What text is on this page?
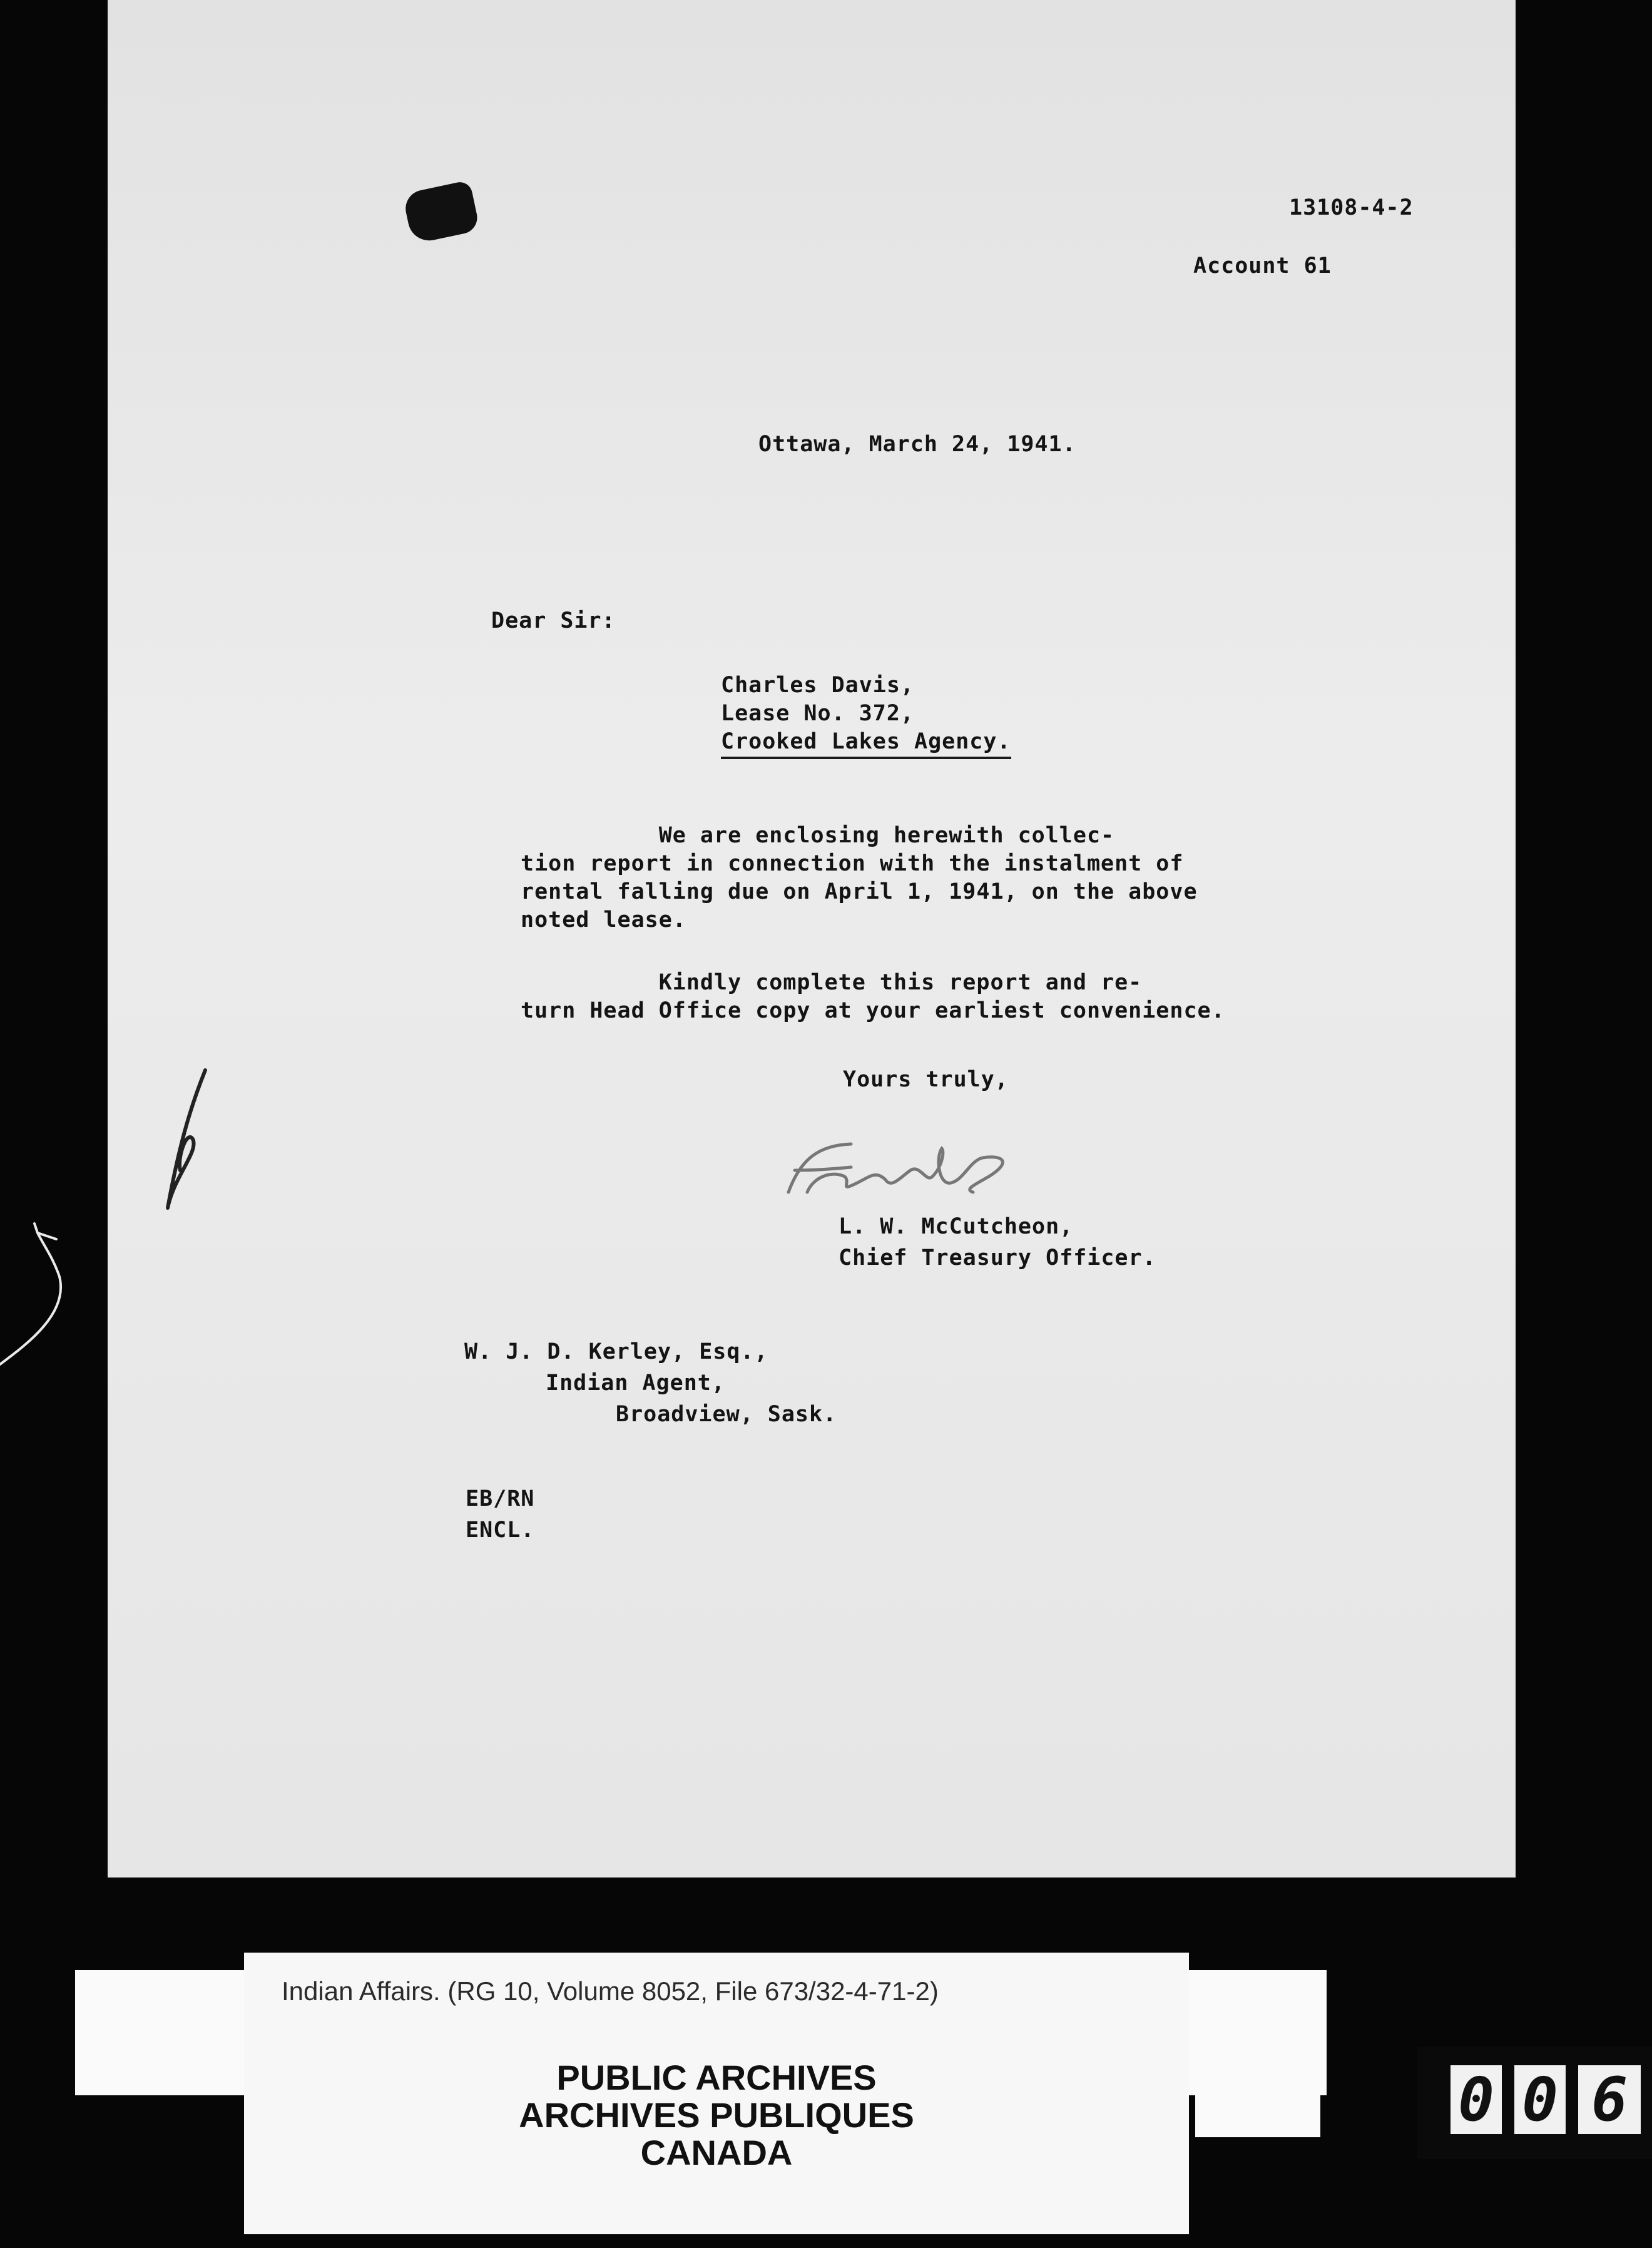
13108-4-2
Account 61
Ottawa, March 24, 1941.
Dear Sir:
Charles Davis,
Lease No. 372,
Crooked Lakes Agency.
We are enclosing herewith collec-
tion report in connection with the instalment of
rental falling due on April 1, 1941, on the above
noted lease.
Kindly complete this report and re-
turn Head Office copy at your earliest convenience.
Yours truly,
L. W. McCutcheon,
Chief Treasury Officer.
W. J. D. Kerley, Esq.,
Indian Agent,
Broadview, Sask.
EB/RN
ENCL.
Indian Affairs. (RG 10, Volume 8052, File 673/32-4-71-2)
PUBLIC ARCHIVES
ARCHIVES PUBLIQUES
CANADA
0 0 6
